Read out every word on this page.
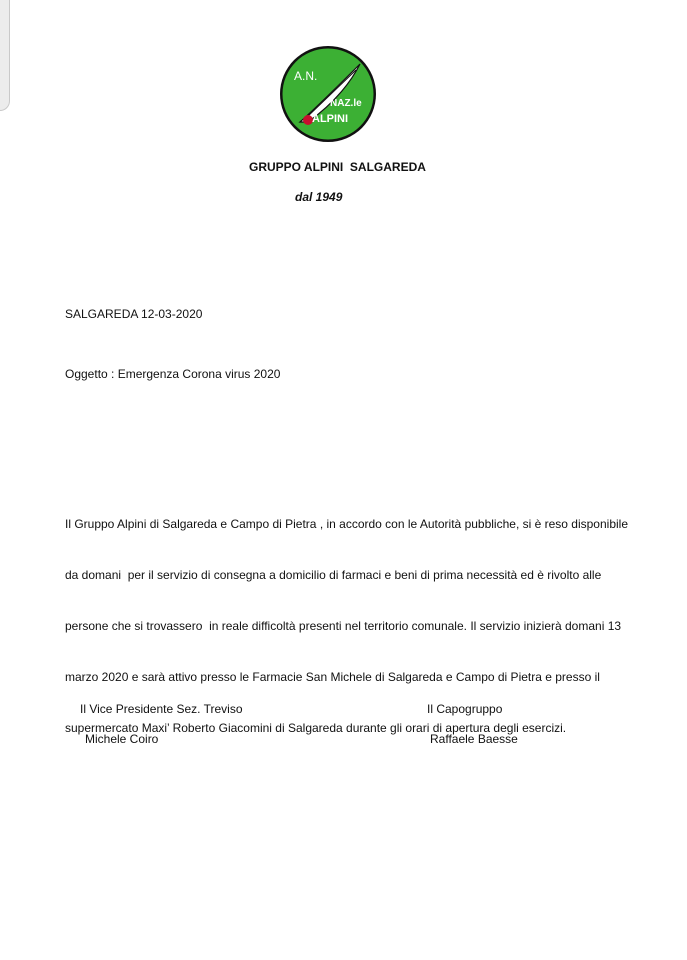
A.N.
NAZ.le
ALPINI
GRUPPO ALPINI  SALGAREDA
dal 1949
SALGAREDA 12-03-2020
Oggetto : Emergenza Corona virus 2020

Il Gruppo Alpini di Salgareda e Campo di Pietra , in accordo con le Autorità pubbliche, si è reso disponibile

da domani  per il servizio di consegna a domicilio di farmaci e beni di prima necessità ed è rivolto alle

persone che si trovassero  in reale difficoltà presenti nel territorio comunale. Il servizio inizierà domani 13

marzo 2020 e sarà attivo presso le Farmacie San Michele di Salgareda e Campo di Pietra e presso il

supermercato Maxi’ Roberto Giacomini di Salgareda durante gli orari di apertura degli esercizi.

Il Vice Presidente Sez. Treviso
Michele Coiro
Il Capogruppo
Raffaele Baesse
